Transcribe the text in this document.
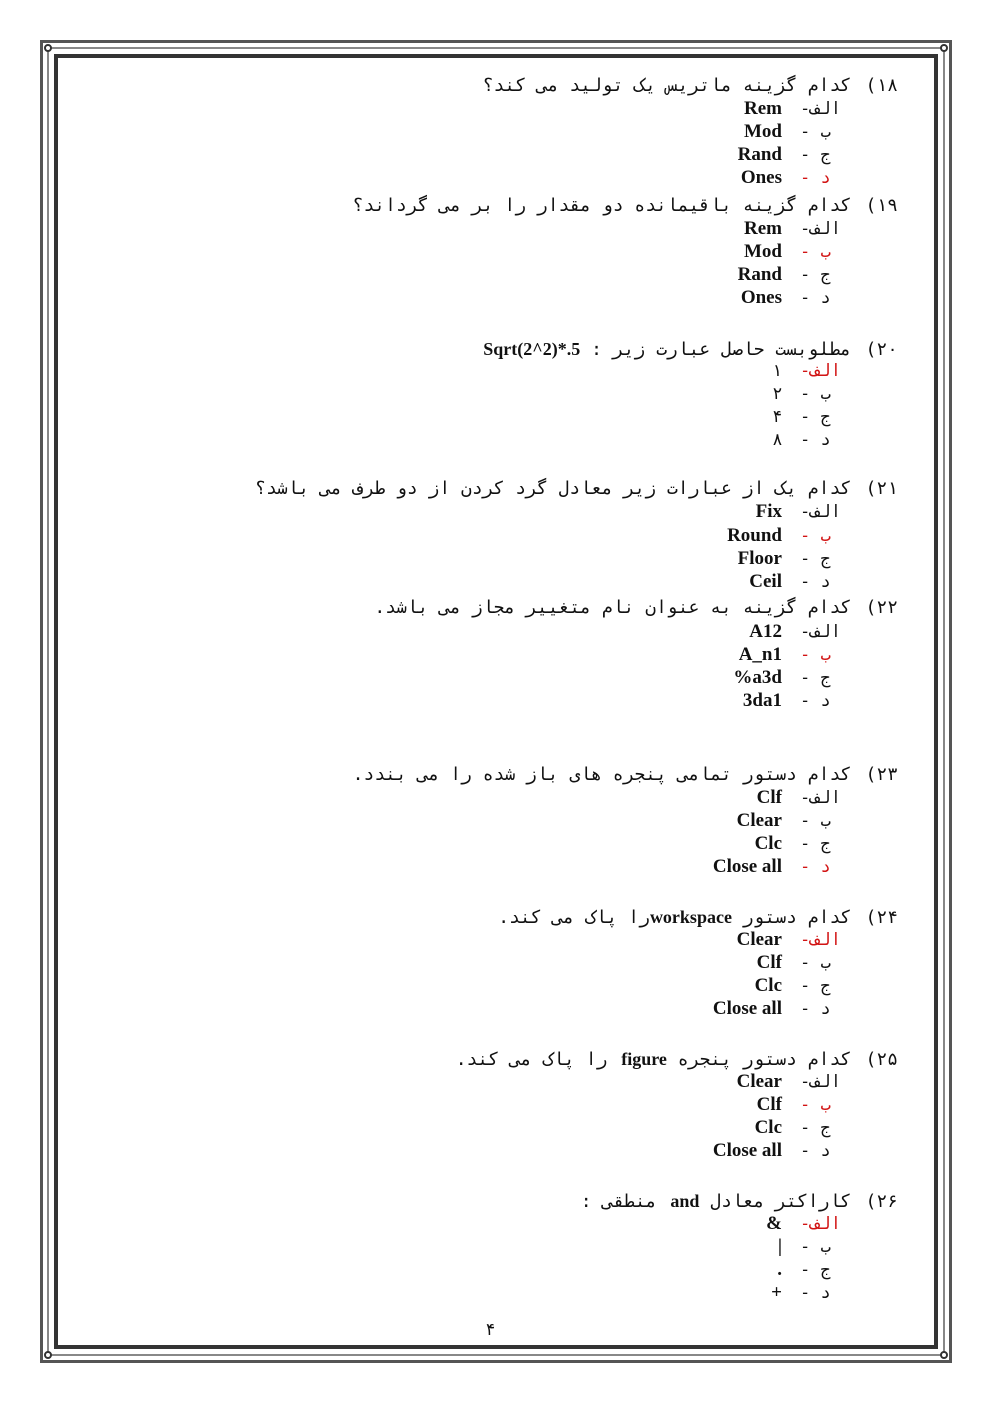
۱۸) کدام گزینه ماتریس یک تولید می کند؟
الف-
Rem
ب -
Mod
ج -
Rand
د -
Ones
۱۹) کدام گزینه باقیمانده دو مقدار را بر می گرداند؟
الف-
Rem
ب -
Mod
ج -
Rand
د -
Ones
۲۰) مطلوبست حاصل عبارت زیر : Sqrt(2^2)*.5
الف-
۱
ب -
۲
ج -
۴
د -
۸
۲۱) کدام یک از عبارات زیر معادل گرد کردن از دو طرف می باشد؟
الف-
Fix
ب -
Round
ج -
Floor
د -
Ceil
۲۲) کدام گزینه به عنوان نام متغییر مجاز می باشد.
الف-
A12
ب -
A_n1
ج -
%a3d
د -
3da1
۲۳) کدام دستور تمامی پنجره های باز شده را می بندد.
الف-
Clf
ب -
Clear
ج -
Clc
د -
Close all
۲۴) کدام دستور workspaceرا پاک می کند.
الف-
Clear
ب -
Clf
ج -
Clc
د -
Close all
۲۵) کدام دستور پنجره figure را پاک می کند.
الف-
Clear
ب -
Clf
ج -
Clc
د -
Close all
۲۶) کاراکتر معادل and منطقی :
الف-
&
ب -
|
ج -
.
د -
+
۴
